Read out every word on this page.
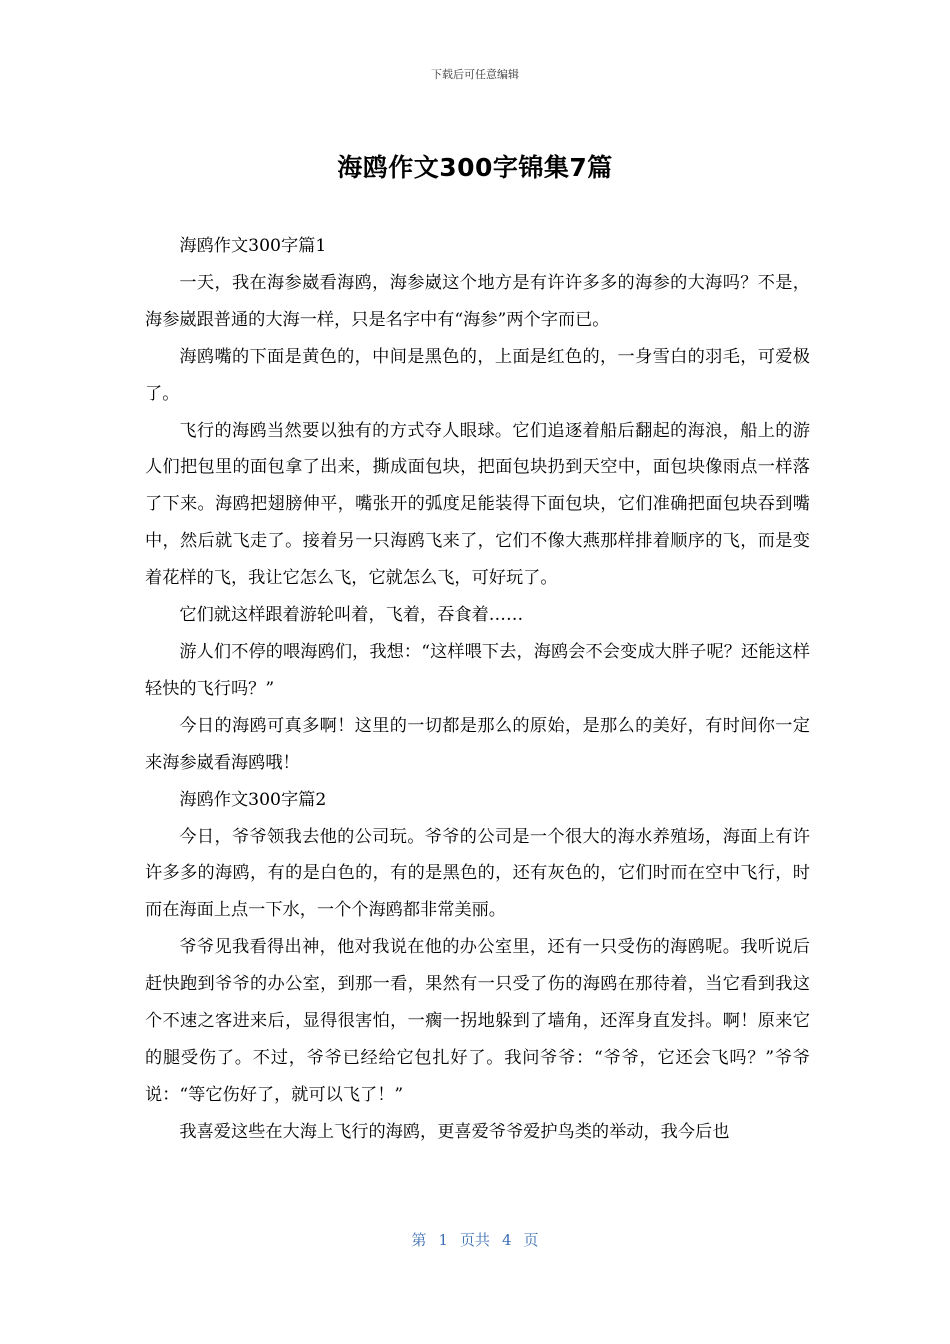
下载后可任意编辑
海鸥作文300字锦集7篇

海鸥作文300字篇1

一天，我在海参崴看海鸥，海参崴这个地方是有许许多多的海参的大海吗？不是，海参崴跟普通的大海一样，只是名字中有“海参”两个字而已。

海鸥嘴的下面是黄色的，中间是黑色的，上面是红色的，一身雪白的羽毛，可爱极了。

飞行的海鸥当然要以独有的方式夺人眼球。它们追逐着船后翻起的海浪，船上的游人们把包里的面包拿了出来，撕成面包块，把面包块扔到天空中，面包块像雨点一样落了下来。海鸥把翅膀伸平，嘴张开的弧度足能装得下面包块，它们准确把面包块吞到嘴中，然后就飞走了。接着另一只海鸥飞来了，它们不像大燕那样排着顺序的飞，而是变着花样的飞，我让它怎么飞，它就怎么飞，可好玩了。

它们就这样跟着游轮叫着，飞着，吞食着……

游人们不停的喂海鸥们，我想：“这样喂下去，海鸥会不会变成大胖子呢？还能这样轻快的飞行吗？”

今日的海鸥可真多啊！这里的一切都是那么的原始，是那么的美好，有时间你一定来海参崴看海鸥哦！

海鸥作文300字篇2

今日，爷爷领我去他的公司玩。爷爷的公司是一个很大的海水养殖场，海面上有许许多多的海鸥，有的是白色的，有的是黑色的，还有灰色的，它们时而在空中飞行，时而在海面上点一下水，一个个海鸥都非常美丽。

爷爷见我看得出神，他对我说在他的办公室里，还有一只受伤的海鸥呢。我听说后赶快跑到爷爷的办公室，到那一看，果然有一只受了伤的海鸥在那待着，当它看到我这个不速之客进来后，显得很害怕，一瘸一拐地躲到了墙角，还浑身直发抖。啊！原来它的腿受伤了。不过，爷爷已经给它包扎好了。我问爷爷：“爷爷，它还会飞吗？”爷爷说：“等它伤好了，就可以飞了！”

我喜爱这些在大海上飞行的海鸥，更喜爱爷爷爱护鸟类的举动，我今后也

第 1 页共 4 页
